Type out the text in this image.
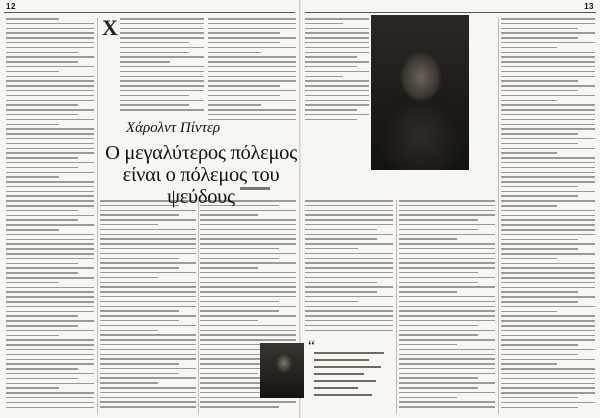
12
Χ	13
Χάρολντ Πίντερ
Ο μεγαλύτερος πόλεμος είναι ο πόλεμος του ψεύδους
“
